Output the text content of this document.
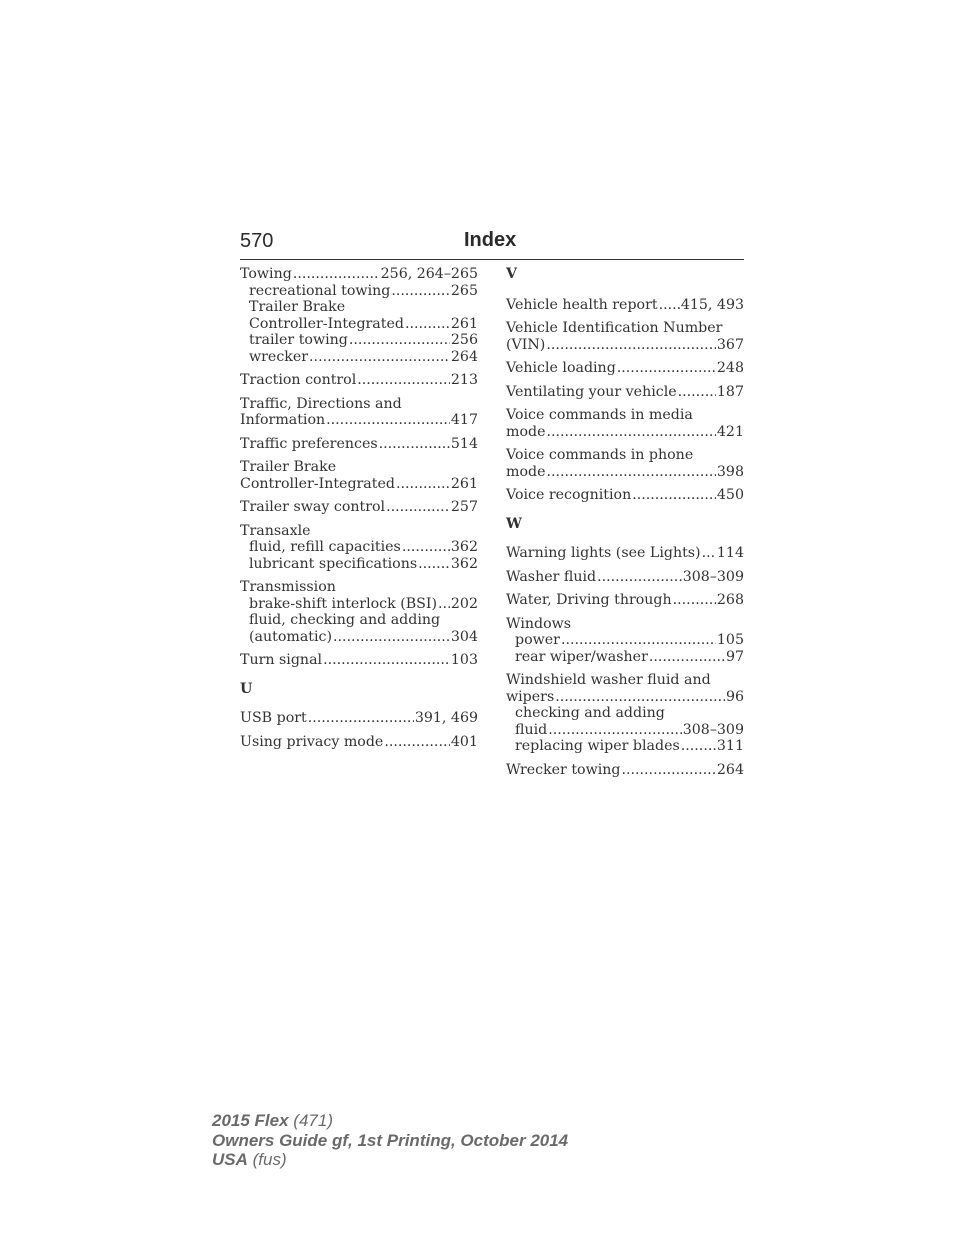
570	Index
Towing .....	256, 264–265
recreational towing .....	265
Trailer Brake
Controller-Integrated .....	261
trailer towing .....	256
wrecker .....	264
Traction control .....	213
Traffic, Directions and
Information .....	417
Traffic preferences .....	514
Trailer Brake
Controller-Integrated .....	261
Trailer sway control .....	257
Transaxle
fluid, refill capacities .....	362
lubricant specifications ..... 362
Transmission
brake-shift interlock (BSI) ..... 202
fluid, checking and adding
(automatic) .....	304
Turn signal .....	103
U
USB port .....	391, 469
Using privacy mode .....	401
V
Vehicle health report ..... 415, 493
Vehicle Identification Number
(VIN) .....	367
Vehicle loading .....	248
Ventilating your vehicle .....	187
Voice commands in media
mode .....	421
Voice commands in phone
mode .....	398
Voice recognition .....	450
W
Warning lights (see Lights) ..... 114
Washer fluid .....	308–309
Water, Driving through .....	268
Windows
power .....	105
rear wiper/washer .....	97
Windshield washer fluid and
wipers .....	96
checking and adding
fluid .....	308–309
replacing wiper blades .....	311
Wrecker towing .....	264
2015 Flex (471)
Owners Guide gf, 1st Printing, October 2014
USA (fus)
